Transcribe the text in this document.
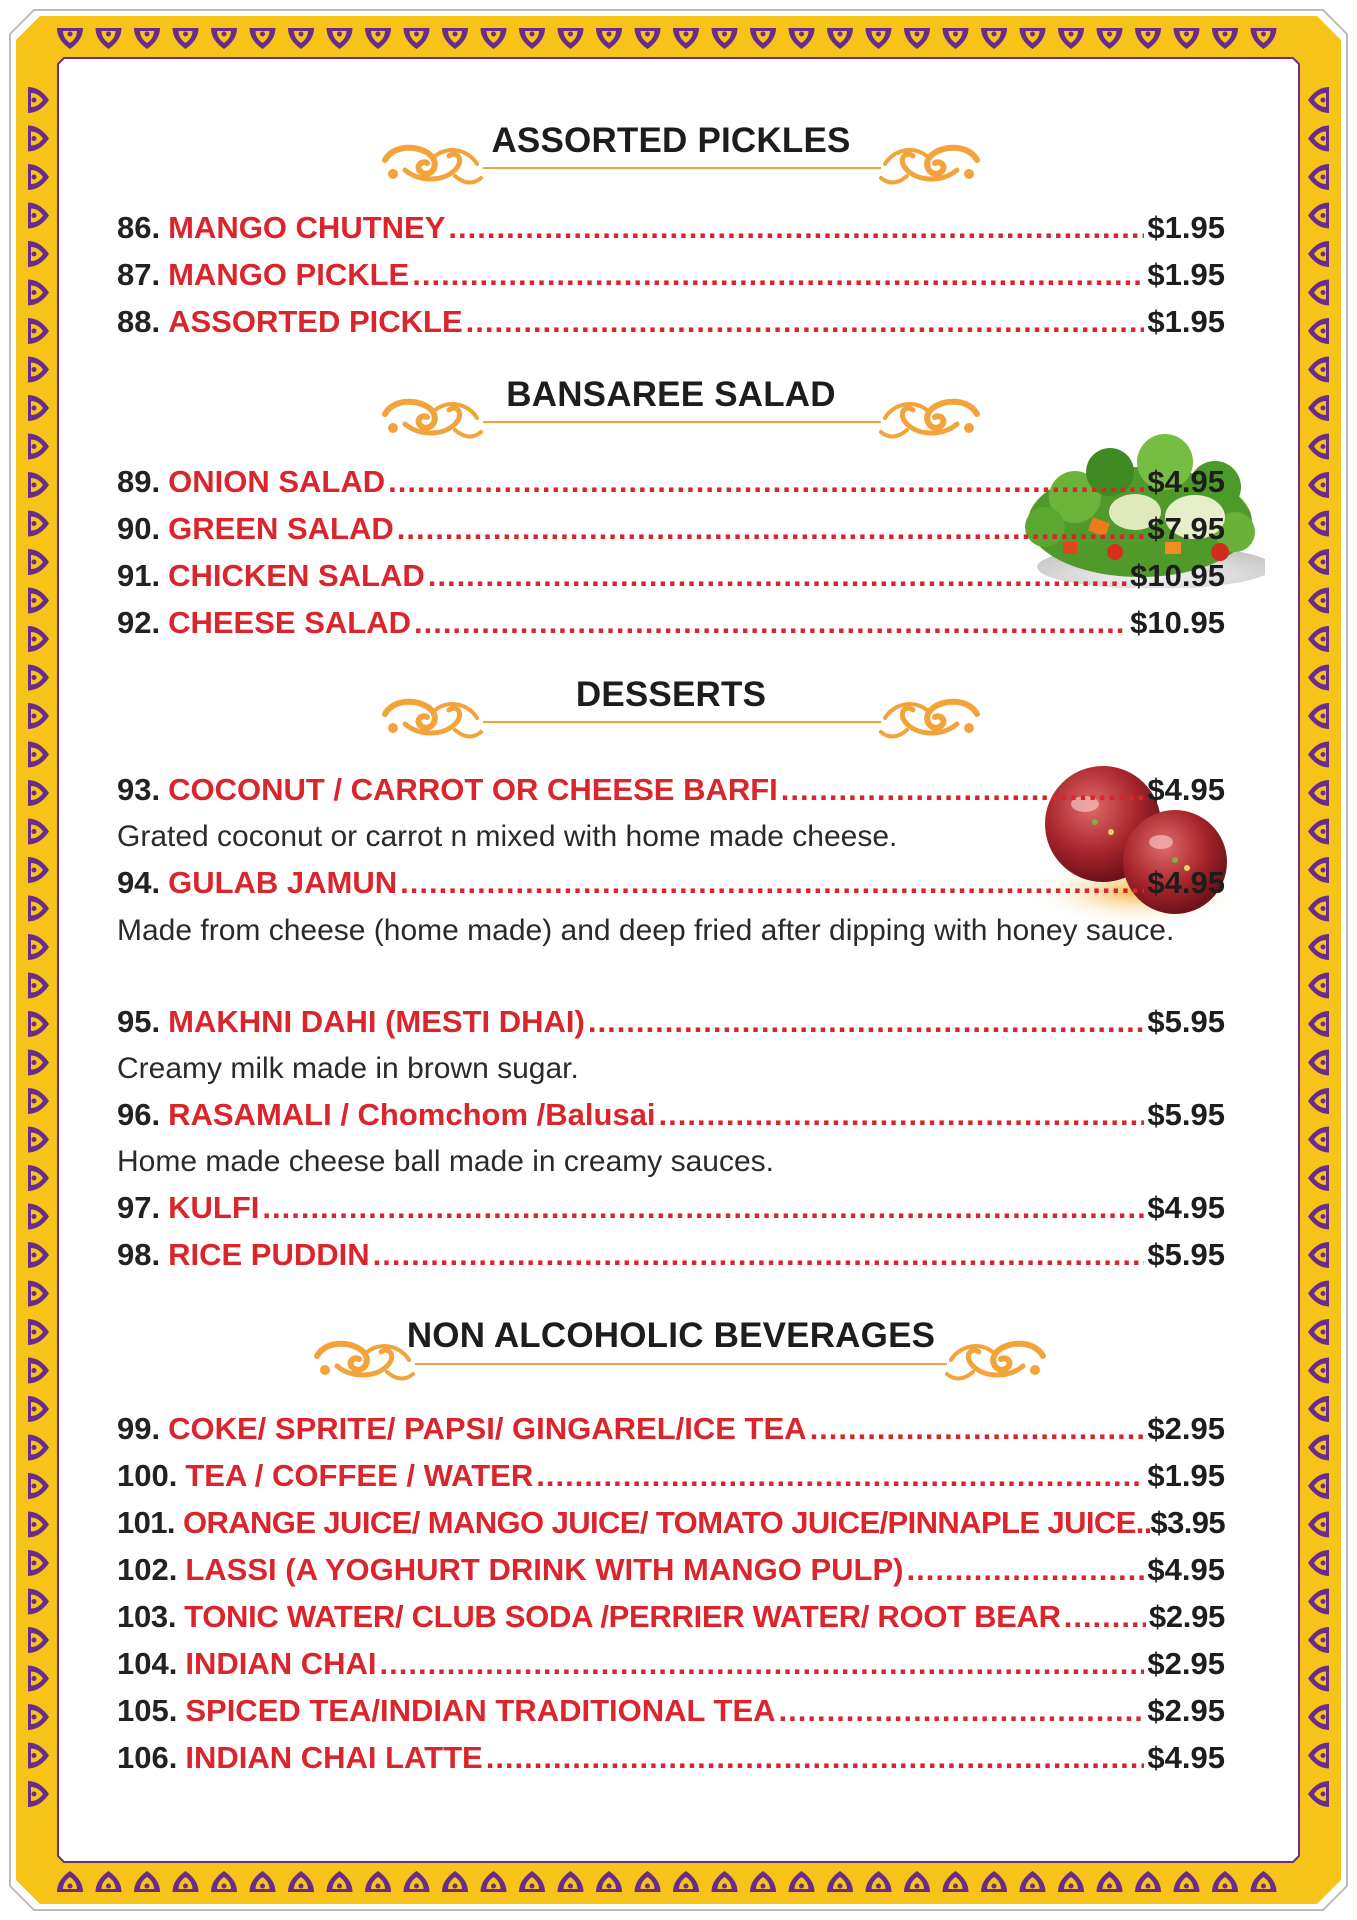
ASSORTED PICKLES
86. MANGO CHUTNEY .....	$1.95
87. MANGO PICKLE .....	$1.95
88. ASSORTED PICKLE .....	$1.95
BANSAREE SALAD
89. ONION SALAD .....	$4.95
90. GREEN SALAD .....	$7.95
91. CHICKEN SALAD .....	$10.95
92. CHEESE SALAD .....	$10.95
DESSERTS
93. COCONUT / CARROT OR CHEESE BARFI .....	$4.95
Grated coconut or carrot n mixed with home made cheese.
94. GULAB JAMUN .....	$4.95
Made from cheese (home made) and deep fried after dipping with honey sauce.
95. MAKHNI DAHI (MESTI DHAI) .....	$5.95
Creamy milk made in brown sugar.
96. RASAMALI / Chomchom /Balusai .....	$5.95
Home made cheese ball made in creamy sauces.
97. KULFI .....	$4.95
98. RICE PUDDIN .....	$5.95
NON ALCOHOLIC BEVERAGES
99. COKE/ SPRITE/ PAPSI/ GINGAREL/ICE TEA .....	$2.95
100. TEA / COFFEE / WATER .....	$1.95
101. ORANGE JUICE/ MANGO JUICE/ TOMATO JUICE/PINNAPLE JUICE. ..... $3.95
102. LASSI (A YOGHURT DRINK WITH MANGO PULP) .....	$4.95
103. TONIC WATER/ CLUB SODA /PERRIER WATER/ ROOT BEAR .....	$2.95
104. INDIAN CHAI .....	$2.95
105. SPICED TEA/INDIAN TRADITIONAL TEA .....	$2.95
106. INDIAN CHAI LATTE .....	$4.95
